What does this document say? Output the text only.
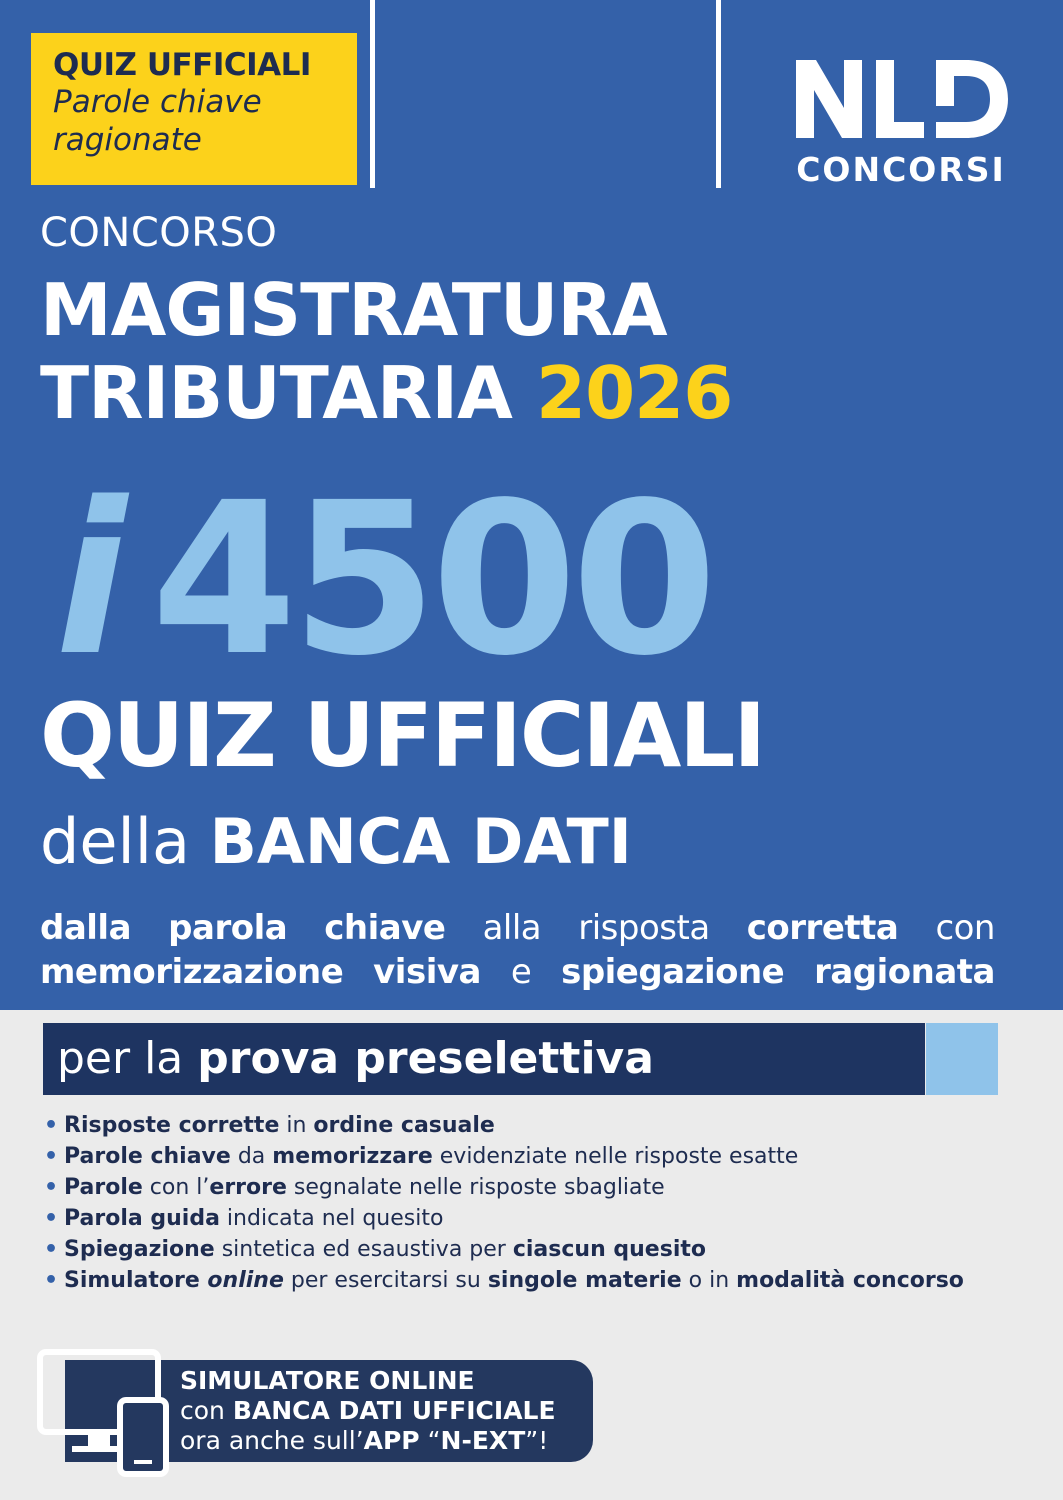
QUIZ UFFICIALI
Parole chiave
ragionate
CONCORSI
CONCORSO
MAGISTRATURA
TRIBUTARIA 2026
i 4500
QUIZ UFFICIALI
della BANCA DATI
dalla parola chiave alla risposta corretta con
memorizzazione visiva e spiegazione ragionata
per la prova preselettiva
• Risposte corrette in ordine casuale
• Parole chiave da memorizzare evidenziate nelle risposte esatte
• Parole con l’errore segnalate nelle risposte sbagliate
• Parola guida indicata nel quesito
• Spiegazione sintetica ed esaustiva per ciascun quesito
• Simulatore online per esercitarsi su singole materie o in modalità concorso
SIMULATORE ONLINE
con BANCA DATI UFFICIALE
ora anche sull’APP “N-EXT”!
